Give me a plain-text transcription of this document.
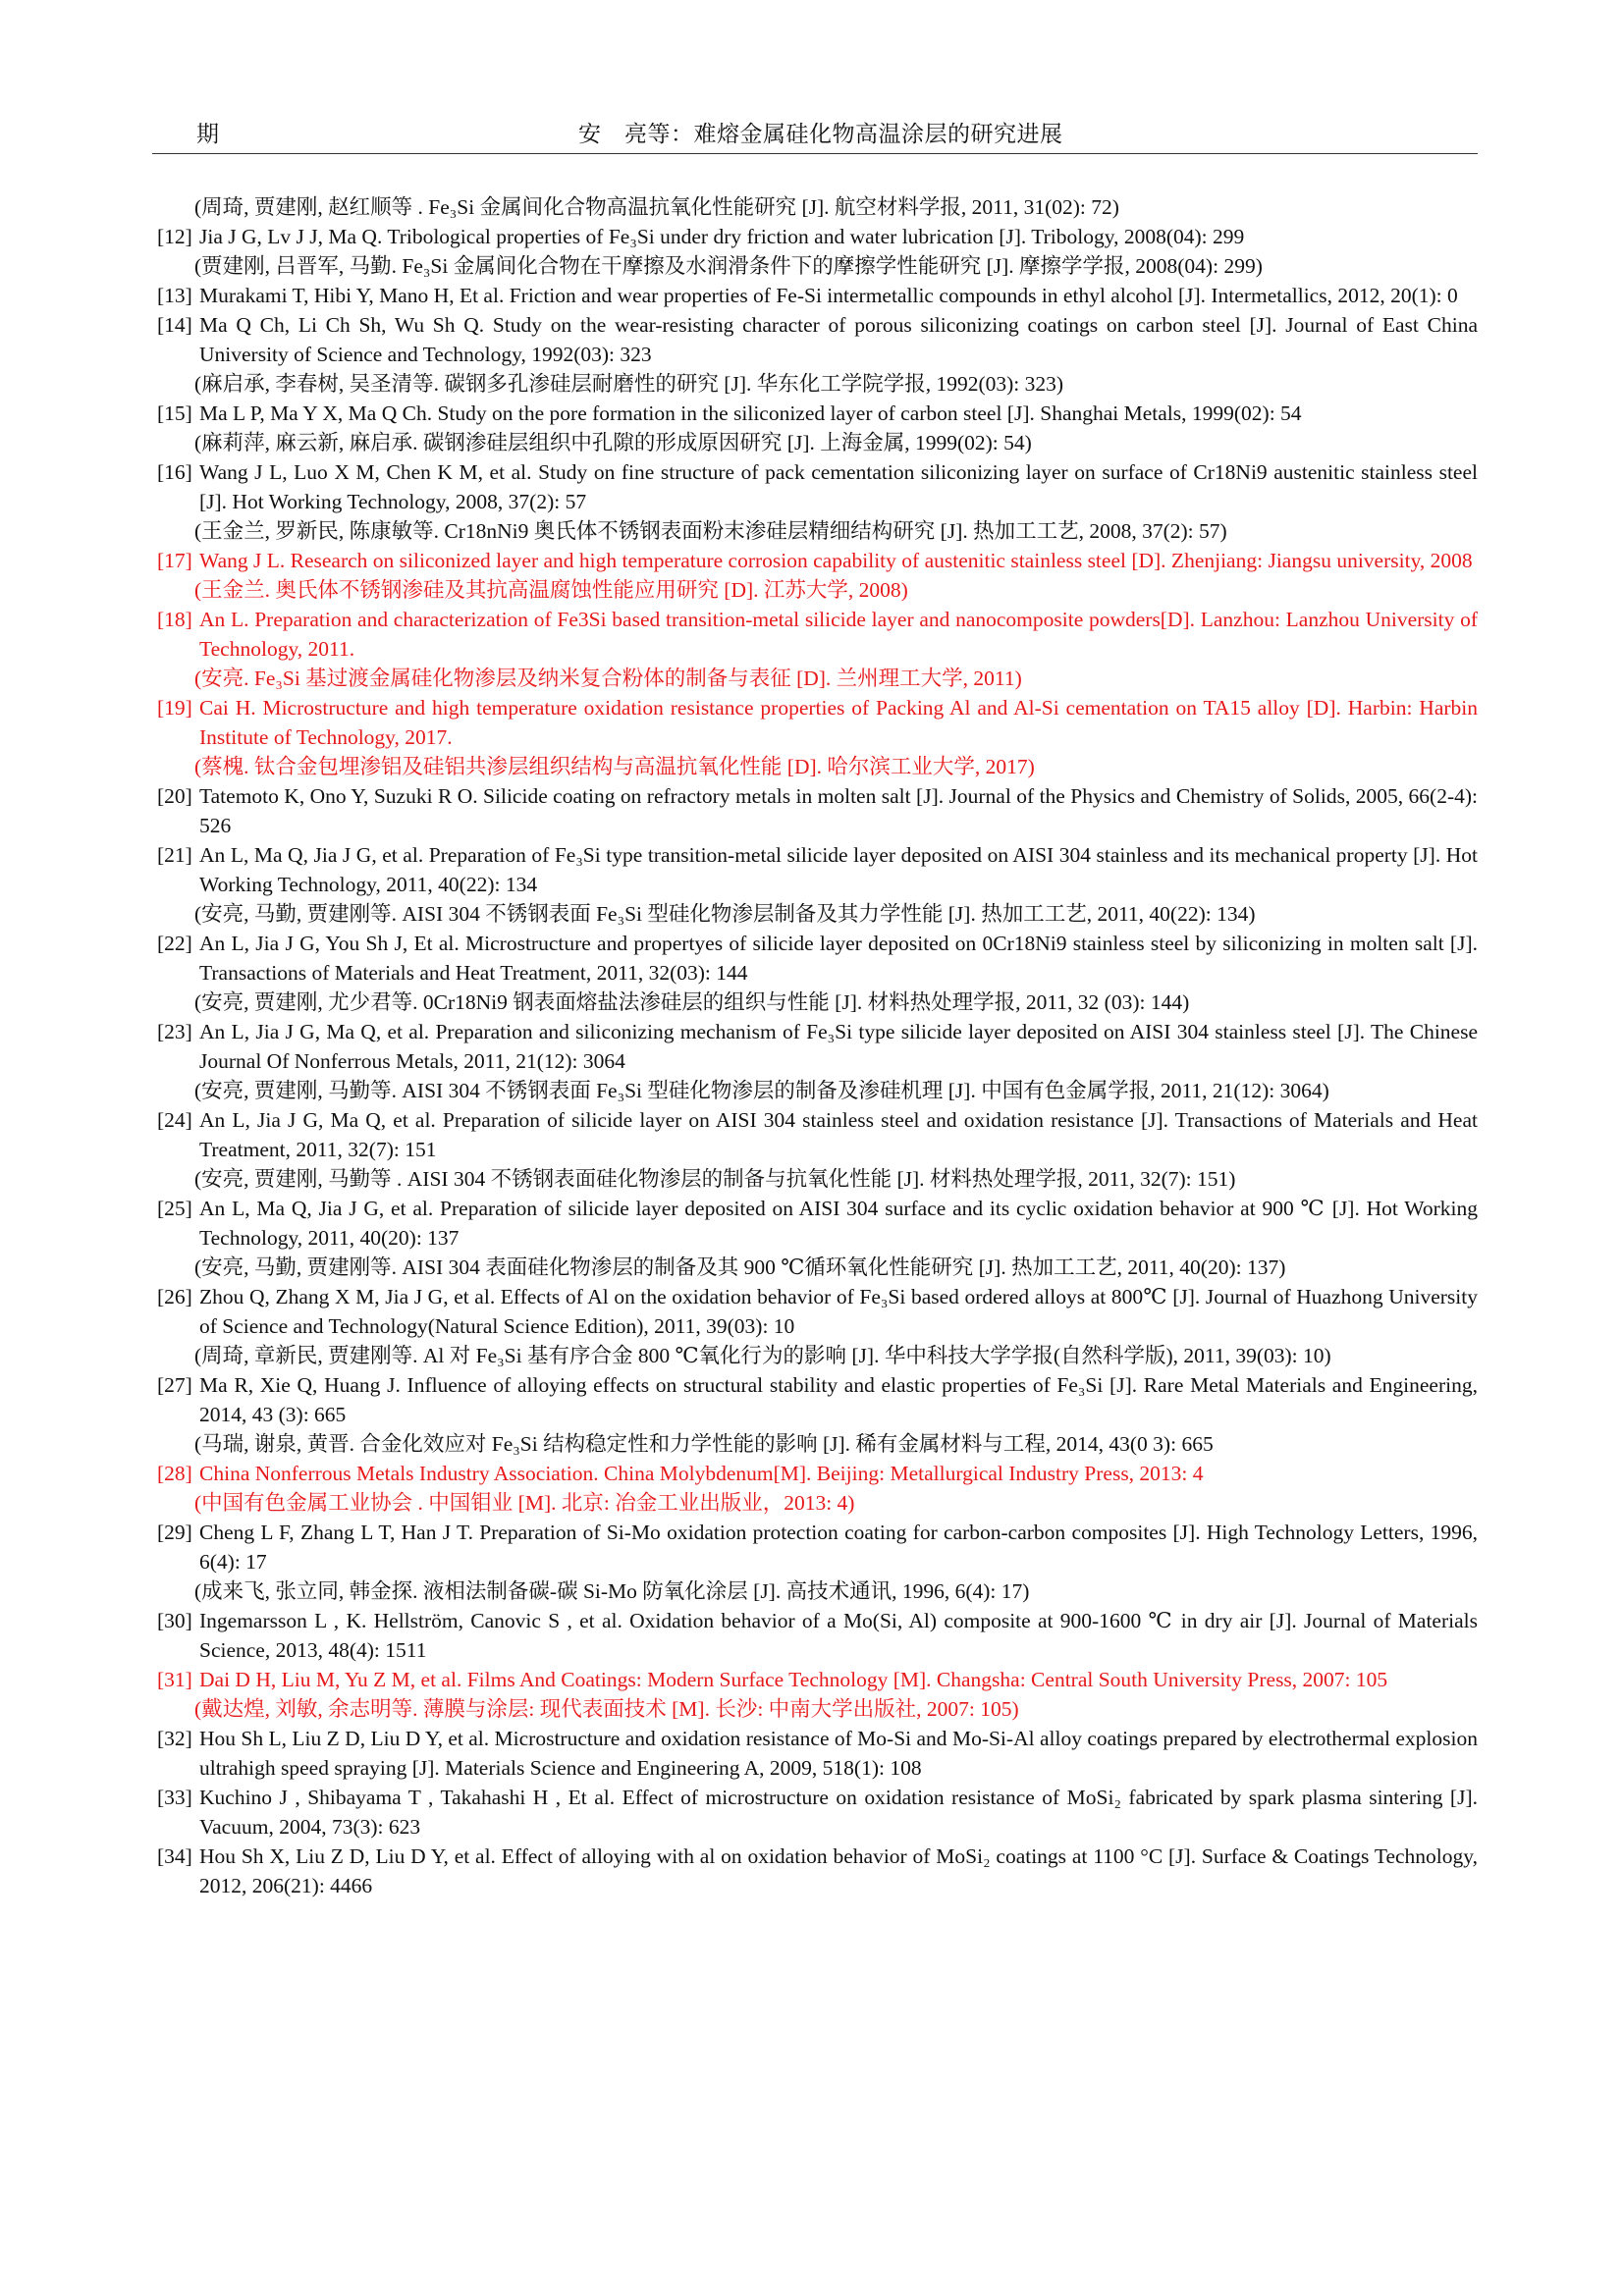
期	安　亮等：难熔金属硅化物高温涂层的研究进展
(周琦, 贾建刚, 赵红顺等 . Fe₃Si 金属间化合物高温抗氧化性能研究 [J]. 航空材料学报, 2011, 31(02): 72)
[12] Jia J G, Lv J J, Ma Q. Tribological properties of Fe₃Si under dry friction and water lubrication [J]. Tribology, 2008(04): 299
(贾建刚, 吕晋军, 马勤. Fe₃Si 金属间化合物在干摩擦及水润滑条件下的摩擦学性能研究 [J]. 摩擦学学报, 2008(04): 299)
[13] Murakami T, Hibi Y, Mano H, Et al. Friction and wear properties of Fe-Si intermetallic compounds in ethyl alcohol [J]. Intermetallics, 2012, 20(1): 0
[14] Ma Q Ch, Li Ch Sh, Wu Sh Q. Study on the wear-resisting character of porous siliconizing coatings on carbon steel [J]. Journal of East China University of Science and Technology, 1992(03): 323
(麻启承, 李春树, 吴圣清等. 碳钢多孔渗硅层耐磨性的研究 [J]. 华东化工学院学报, 1992(03): 323)
[15] Ma L P, Ma Y X, Ma Q Ch. Study on the pore formation in the siliconized layer of carbon steel [J]. Shanghai Metals, 1999(02): 54
(麻莉萍, 麻云新, 麻启承. 碳钢渗硅层组织中孔隙的形成原因研究 [J]. 上海金属, 1999(02): 54)
[16] Wang J L, Luo X M, Chen K M, et al. Study on fine structure of pack cementation siliconizing layer on surface of Cr18Ni9 austenitic stainless steel [J]. Hot Working Technology, 2008, 37(2): 57
(王金兰, 罗新民, 陈康敏等. Cr18nNi9 奥氏体不锈钢表面粉末渗硅层精细结构研究 [J]. 热加工工艺, 2008, 37(2): 57)
[17] Wang J L. Research on siliconized layer and high temperature corrosion capability of austenitic stainless steel [D]. Zhenjiang: Jiangsu university, 2008
(王金兰. 奥氏体不锈钢渗硅及其抗高温腐蚀性能应用研究 [D]. 江苏大学, 2008)
[18] An L. Preparation and characterization of Fe3Si based transition-metal silicide layer and nanocomposite powders[D]. Lanzhou: Lanzhou University of Technology, 2011.
(安亮. Fe₃Si 基过渡金属硅化物渗层及纳米复合粉体的制备与表征 [D]. 兰州理工大学, 2011)
[19] Cai H. Microstructure and high temperature oxidation resistance properties of Packing Al and Al-Si cementation on TA15 alloy [D]. Harbin: Harbin Institute of Technology, 2017.
(蔡槐. 钛合金包埋渗铝及硅铝共渗层组织结构与高温抗氧化性能 [D]. 哈尔滨工业大学, 2017)
[20] Tatemoto K, Ono Y, Suzuki R O. Silicide coating on refractory metals in molten salt [J]. Journal of the Physics and Chemistry of Solids, 2005, 66(2-4): 526
[21] An L, Ma Q, Jia J G, et al. Preparation of Fe₃Si type transition-metal silicide layer deposited on AISI 304 stainless and its mechanical property [J]. Hot Working Technology, 2011, 40(22): 134
(安亮, 马勤, 贾建刚等. AISI 304 不锈钢表面 Fe₃Si 型硅化物渗层制备及其力学性能 [J]. 热加工工艺, 2011, 40(22): 134)
[22] An L, Jia J G, You Sh J, Et al. Microstructure and propertyes of silicide layer deposited on 0Cr18Ni9 stainless steel by siliconizing in molten salt [J]. Transactions of Materials and Heat Treatment, 2011, 32(03): 144
(安亮, 贾建刚, 尤少君等. 0Cr18Ni9 钢表面熔盐法渗硅层的组织与性能 [J]. 材料热处理学报, 2011, 32 (03): 144)
[23] An L, Jia J G, Ma Q, et al. Preparation and siliconizing mechanism of Fe₃Si type silicide layer deposited on AISI 304 stainless steel [J]. The Chinese Journal Of Nonferrous Metals, 2011, 21(12): 3064
(安亮, 贾建刚, 马勤等. AISI 304 不锈钢表面 Fe₃Si 型硅化物渗层的制备及渗硅机理 [J]. 中国有色金属学报, 2011, 21(12): 3064)
[24] An L, Jia J G, Ma Q, et al. Preparation of silicide layer on AISI 304 stainless steel and oxidation resistance [J]. Transactions of Materials and Heat Treatment, 2011, 32(7): 151
(安亮, 贾建刚, 马勤等 . AISI 304 不锈钢表面硅化物渗层的制备与抗氧化性能 [J]. 材料热处理学报, 2011, 32(7): 151)
[25] An L, Ma Q, Jia J G, et al. Preparation of silicide layer deposited on AISI 304 surface and its cyclic oxidation behavior at 900 ℃ [J]. Hot Working Technology, 2011, 40(20): 137
(安亮, 马勤, 贾建刚等. AISI 304 表面硅化物渗层的制备及其 900 ℃循环氧化性能研究 [J]. 热加工工艺, 2011, 40(20): 137)
[26] Zhou Q, Zhang X M, Jia J G, et al. Effects of Al on the oxidation behavior of Fe₃Si based ordered alloys at 800℃ [J]. Journal of Huazhong University of Science and Technology(Natural Science Edition), 2011, 39(03): 10
(周琦, 章新民, 贾建刚等. Al 对 Fe₃Si 基有序合金 800 ℃氧化行为的影响 [J]. 华中科技大学学报(自然科学版), 2011, 39(03): 10)
[27] Ma R, Xie Q, Huang J. Influence of alloying effects on structural stability and elastic properties of Fe₃Si [J]. Rare Metal Materials and Engineering, 2014, 43 (3): 665
(马瑞, 谢泉, 黄晋. 合金化效应对 Fe₃Si 结构稳定性和力学性能的影响 [J]. 稀有金属材料与工程, 2014, 43(0 3): 665
[28] China Nonferrous Metals Industry Association. China Molybdenum[M]. Beijing: Metallurgical Industry Press, 2013: 4
(中国有色金属工业协会 . 中国钼业 [M]. 北京: 冶金工业出版业，2013: 4)
[29] Cheng L F, Zhang L T, Han J T. Preparation of Si-Mo oxidation protection coating for carbon-carbon composites [J]. High Technology Letters, 1996, 6(4): 17
(成来飞, 张立同, 韩金探. 液相法制备碳-碳 Si-Mo 防氧化涂层 [J]. 高技术通讯, 1996, 6(4): 17)
[30] Ingemarsson L , K. Hellström, Canovic S , et al. Oxidation behavior of a Mo(Si, Al) composite at 900-1600 ℃ in dry air [J]. Journal of Materials Science, 2013, 48(4): 1511
[31] Dai D H, Liu M, Yu Z M, et al. Films And Coatings: Modern Surface Technology [M]. Changsha: Central South University Press, 2007: 105
(戴达煌, 刘敏, 余志明等. 薄膜与涂层: 现代表面技术 [M]. 长沙: 中南大学出版社, 2007: 105)
[32] Hou Sh L, Liu Z D, Liu D Y, et al. Microstructure and oxidation resistance of Mo-Si and Mo-Si-Al alloy coatings prepared by electrothermal explosion ultrahigh speed spraying [J]. Materials Science and Engineering A, 2009, 518(1): 108
[33] Kuchino J , Shibayama T , Takahashi H , Et al. Effect of microstructure on oxidation resistance of MoSi₂ fabricated by spark plasma sintering [J]. Vacuum, 2004, 73(3): 623
[34] Hou Sh X, Liu Z D, Liu D Y, et al. Effect of alloying with al on oxidation behavior of MoSi₂ coatings at 1100 °C [J]. Surface & Coatings Technology, 2012, 206(21): 4466
